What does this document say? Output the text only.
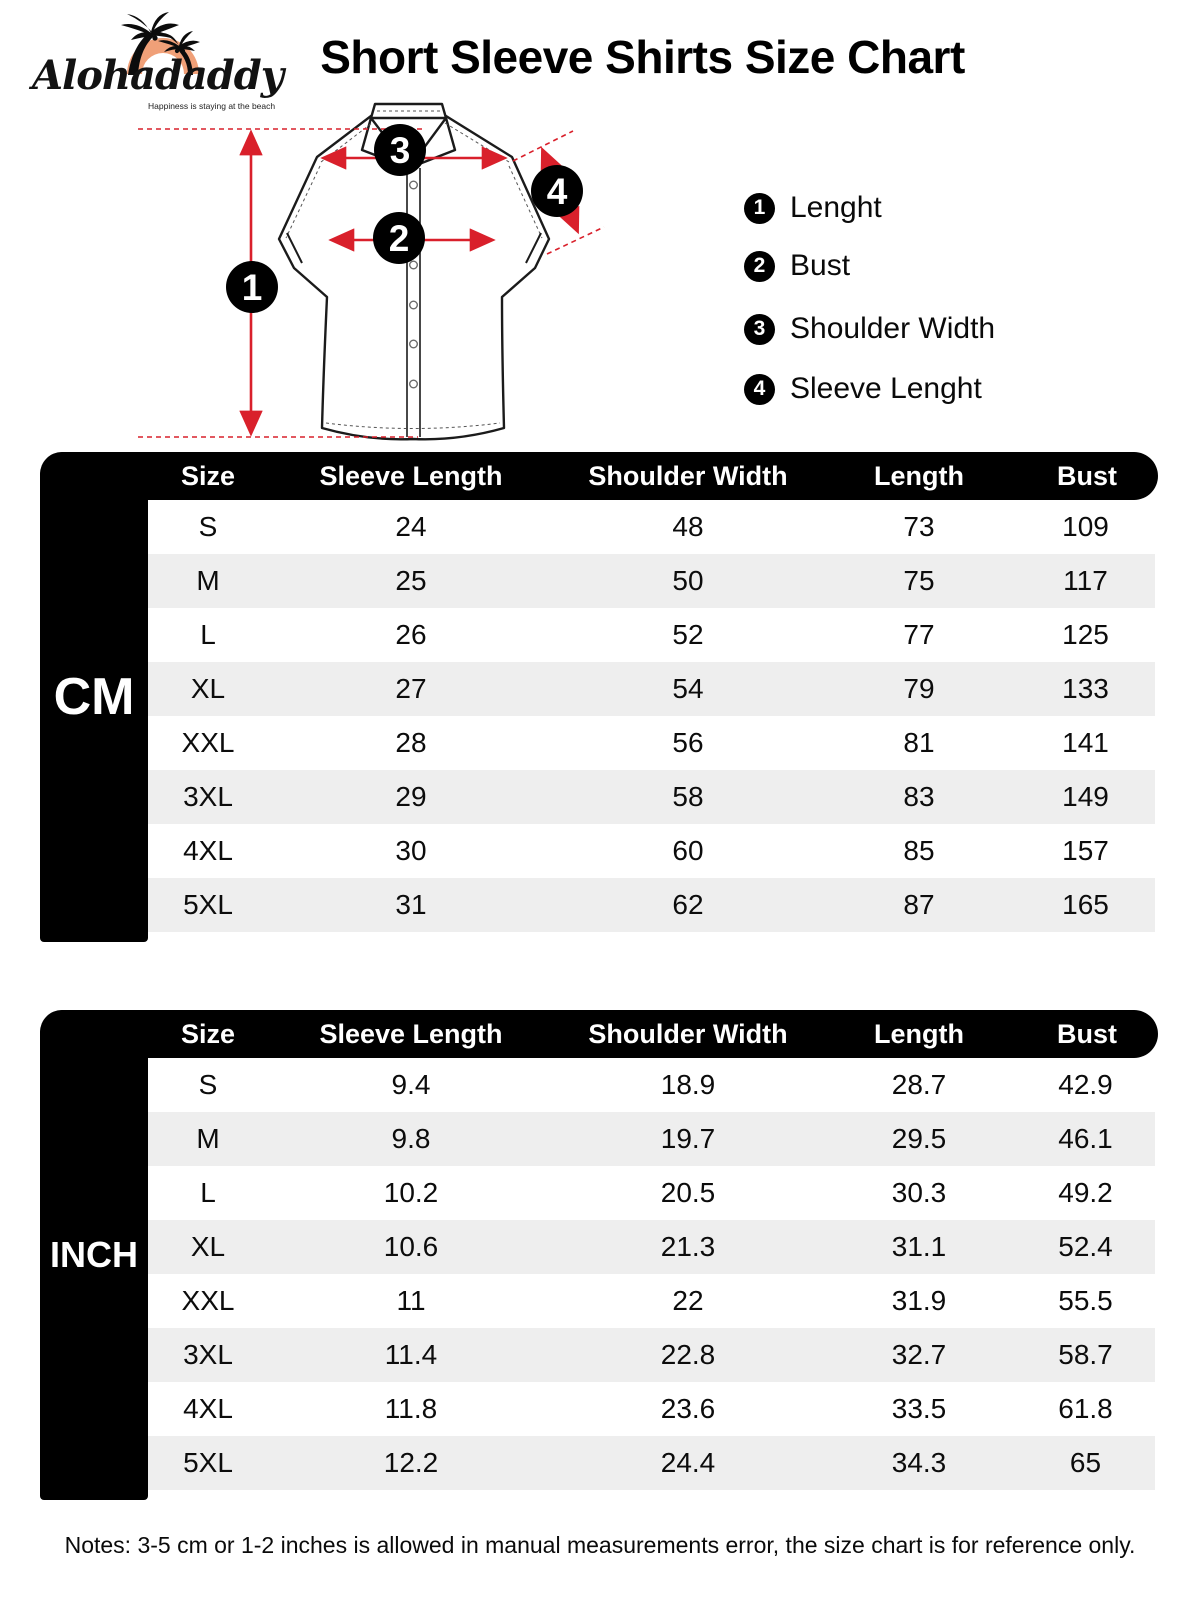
Alohadaddy
Happiness is staying at the beach
Short Sleeve Shirts Size Chart
1
2
3
4	1 Lenght
2 Bust
3 Shoulder Width
4 Sleeve Lenght
Size	Sleeve Length	Shoulder Width	Length	Bust
CM
S	24	48	73	109
M	25	50	75	117
L	26	52	77	125
XL	27	54	79	133
XXL	28	56	81	141
3XL	29	58	83	149
4XL	30	60	85	157
5XL	31	62	87	165
Size	Sleeve Length	Shoulder Width	Length	Bust
INCH
S	9.4	18.9	28.7	42.9
M	9.8	19.7	29.5	46.1
L	10.2	20.5	30.3	49.2
XL	10.6	21.3	31.1	52.4
XXL	11	22	31.9	55.5
3XL	11.4	22.8	32.7	58.7
4XL	11.8	23.6	33.5	61.8
5XL	12.2	24.4	34.3	65
Notes: 3-5 cm or 1-2 inches is allowed in manual measurements error, the size chart is for reference only.
